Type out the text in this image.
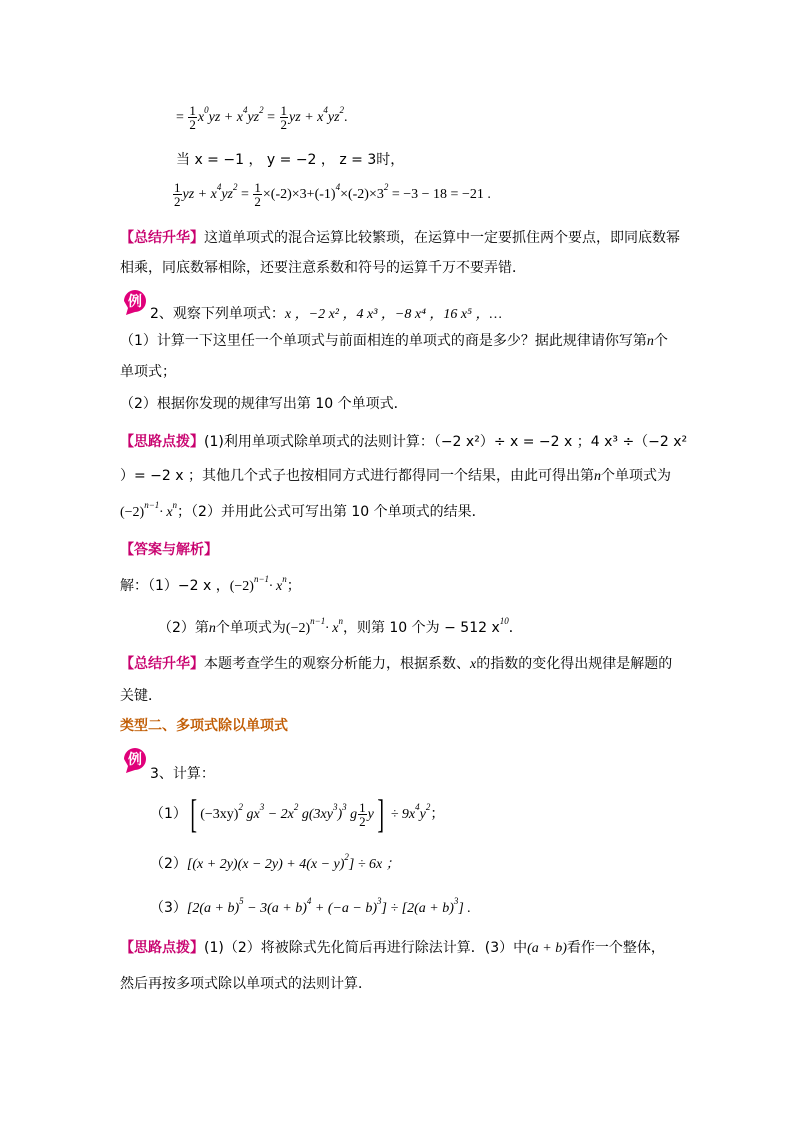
= $\frac{1}{2} x^0yz + x^4yz^2 = \frac{1}{2}$ yz + $x^4yz^2$.
当 x = −1 ， y = −2 ， z = 3时，
$\frac{1}{2}$ yz + $x^4yz^2 = \frac{1}{2} \times(-2)\times 3+(-1)^4\times(-2)\times 3^2 = -3 - 18 = -21$ .
【总结升华】这道单项式的混合运算比较繁琐，在运算中一定要抓住两个要点，即同底数幂
相乘，同底数幂相除，还要注意系数和符号的运算千万不要弄错．
例
2、观察下列单项式：x ，−2 x² ，4 x³ ，−8 x⁴ ，16 x⁵ ，…
（1）计算一下这里任一个单项式与前面相连的单项式的商是多少？据此规律请你写第n个
单项式；
（2）根据你发现的规律写出第 10 个单项式．
【思路点拨】(1)利用单项式除单项式的法则计算：（−2 x²）÷ x = −2 x ；4 x³ ÷（−2 x²
）= −2 x ；其他几个式子也按相同方式进行都得同一个结果，由此可得出第n个单项式为
$(-2)^{n-1}\cdot x^n$；（2）并用此公式可写出第 10 个单项式的结果．
【答案与解析】
解：（1）−2 x ，$(-2)^{n-1}\cdot x^n$；
（2）第n个单项式为$(-2)^{n-1}\cdot x^n$，则第 10 个为 − 512 $x^{10}$．
【总结升华】本题考查学生的观察分析能力，根据系数、x的指数的变化得出规律是解题的
关键．
类型二、多项式除以单项式
例
3、计算：
（1）[ $(-3xy)^2$ $gx^3 - 2x^2$ $g(3xy^3)^3$ g $\frac{1}{2} y] \div 9x^4y^2$；
$(2)[(x + 2y)(x - 2y) + 4(x - y)^2] \div 6x$ ；
$(3)[2(a + b)^5 - 3(a + b)^4 + (-a - b)^3] \div [2(a + b)^3]$ .
【思路点拨】(1)（2）将被除式先化简后再进行除法计算．(3）中(a + b)看作一个整体，
然后再按多项式除以单项式的法则计算．
